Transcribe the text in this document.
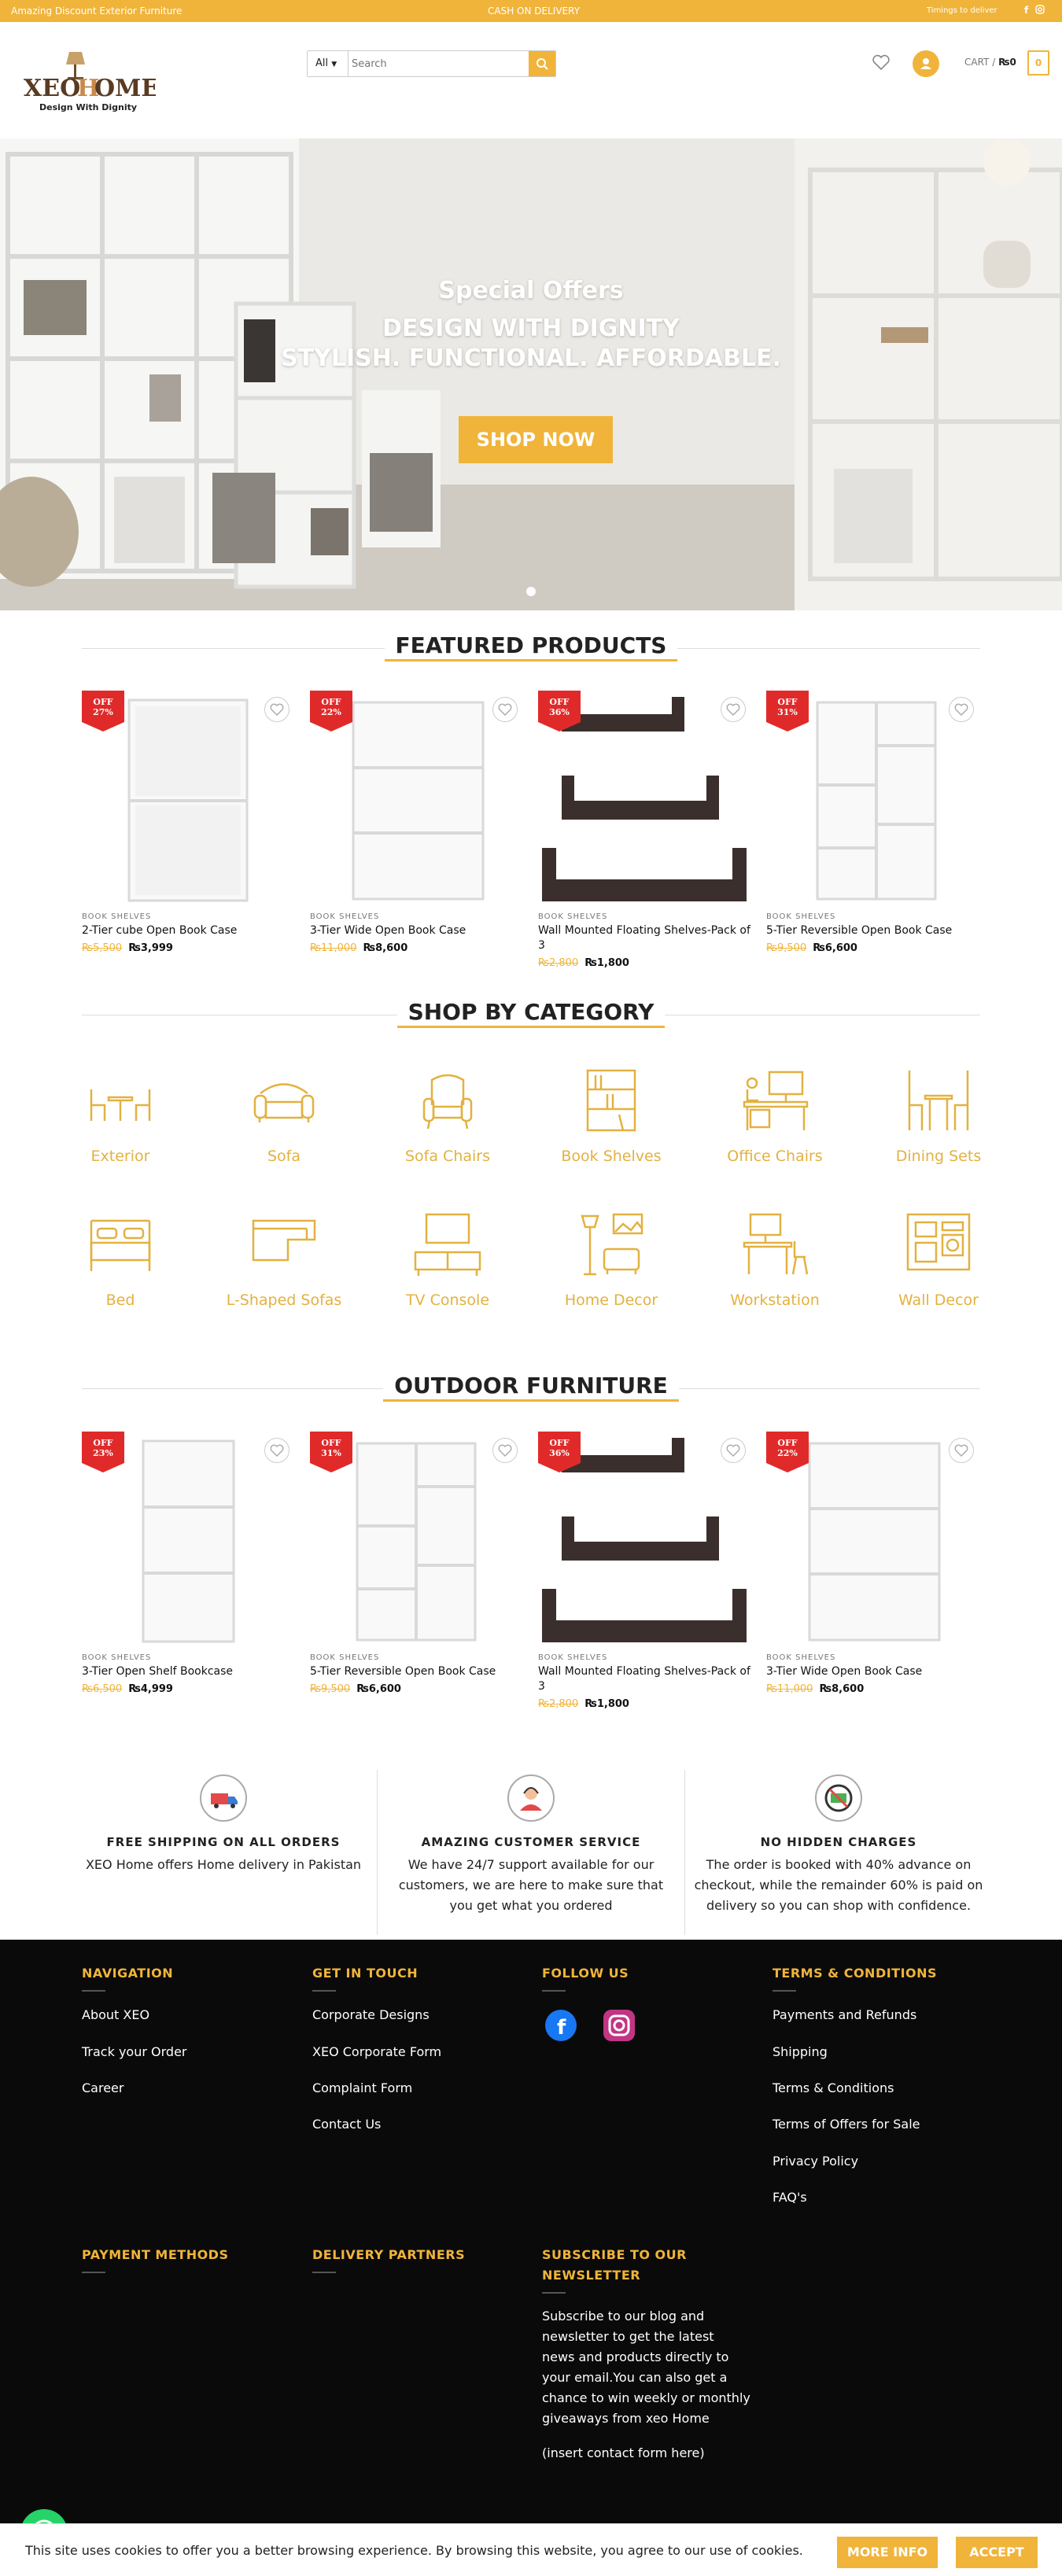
Amazing Discount Exterior Furniture	CASH ON DELIVERY	Timings to deliver	f
XEO
H
OME
Design With Dignity
All ▼
Search	CART / ₨0	0

Special Offers
DESIGN WITH DIGNITY
STYLISH. FUNCTIONAL. AFFORDABLE.
SHOP NOW
FEATURED PRODUCTS
OFF
27%
BOOK SHELVES
2-Tier cube Open Book Case
₨5,500 ₨3,999
OFF
22%
BOOK SHELVES
3-Tier Wide Open Book Case
₨11,000 ₨8,600
OFF
36%
BOOK SHELVES
Wall Mounted Floating Shelves-Pack of 3
₨2,800 ₨1,800
OFF
31%
BOOK SHELVES
5-Tier Reversible Open Book Case
₨9,500 ₨6,600
SHOP BY CATEGORY
Exterior	Sofa	Sofa Chairs	Book Shelves	Office Chairs	Dining Sets
Bed	L-Shaped Sofas	TV Console	Home Decor	Workstation	Wall Decor
OUTDOOR FURNITURE
OFF
23%
BOOK SHELVES
3-Tier Open Shelf Bookcase
₨6,500 ₨4,999
OFF
31%
BOOK SHELVES
5-Tier Reversible Open Book Case
₨9,500 ₨6,600
OFF
36%
BOOK SHELVES
Wall Mounted Floating Shelves-Pack of 3
₨2,800 ₨1,800
OFF
22%
BOOK SHELVES
3-Tier Wide Open Book Case
₨11,000 ₨8,600
FREE SHIPPING ON ALL ORDERS
XEO Home offers Home delivery in Pakistan
AMAZING CUSTOMER SERVICE
We have 24/7 support available for our customers, we are here to make sure that you get what you ordered
NO HIDDEN CHARGES
The order is booked with 40% advance on checkout, while the remainder 60% is paid on delivery so you can shop with confidence.
NAVIGATION
About XEO
Track your Order
Career
GET IN TOUCH
Corporate Designs
XEO Corporate Form
Complaint Form
Contact Us
FOLLOW US
f
TERMS & CONDITIONS
Payments and Refunds
Shipping
Terms & Conditions
Terms of Offers for Sale
Privacy Policy
FAQ's
PAYMENT METHODS	DELIVERY PARTNERS	SUBSCRIBE TO OUR
NEWSLETTER
Subscribe to our blog and
newsletter to get the latest
news and products directly to
your email.You can also get a
chance to win weekly or monthly
giveaways from xeo Home
(insert contact form here)
This site uses cookies to offer you a better browsing experience. By browsing this website, you agree to our use of cookies.	MORE INFO	ACCEPT
